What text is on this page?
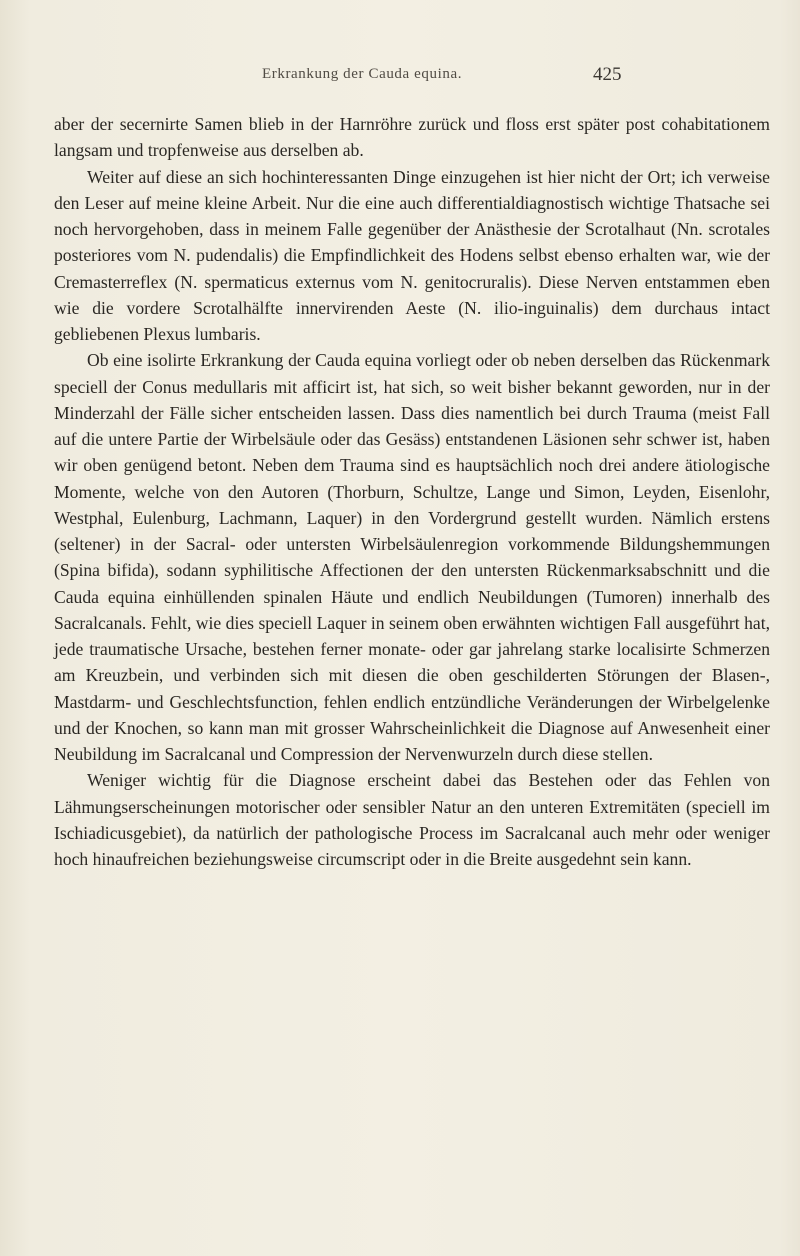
Erkrankung der Cauda equina.	425

aber der secernirte Samen blieb in der Harnröhre zurück und floss erst später post cohabitationem langsam und tropfenweise aus derselben ab.

Weiter auf diese an sich hochinteressanten Dinge einzugehen ist hier nicht der Ort; ich verweise den Leser auf meine kleine Arbeit. Nur die eine auch differentialdiagnostisch wichtige Thatsache sei noch hervorgehoben, dass in meinem Falle gegenüber der Anästhesie der Scrotalhaut (Nn. scrotales posteriores vom N. pudendalis) die Empfindlichkeit des Hodens selbst ebenso erhalten war, wie der Cremasterreflex (N. spermaticus externus vom N. genitocruralis). Diese Nerven entstammen eben wie die vordere Scrotalhälfte innervirenden Aeste (N. ilio-inguinalis) dem durchaus intact gebliebenen Plexus lumbaris.

Ob eine isolirte Erkrankung der Cauda equina vorliegt oder ob neben derselben das Rückenmark speciell der Conus medullaris mit afficirt ist, hat sich, so weit bisher bekannt geworden, nur in der Minderzahl der Fälle sicher entscheiden lassen. Dass dies namentlich bei durch Trauma (meist Fall auf die untere Partie der Wirbelsäule oder das Gesäss) entstandenen Läsionen sehr schwer ist, haben wir oben genügend betont. Neben dem Trauma sind es hauptsächlich noch drei andere ätiologische Momente, welche von den Autoren (Thorburn, Schultze, Lange und Simon, Leyden, Eisenlohr, Westphal, Eulenburg, Lachmann, Laquer) in den Vordergrund gestellt wurden. Nämlich erstens (seltener) in der Sacral- oder untersten Wirbelsäulenregion vorkommende Bildungshemmungen (Spina bifida), sodann syphilitische Affectionen der den untersten Rückenmarksabschnitt und die Cauda equina einhüllenden spinalen Häute und endlich Neubildungen (Tumoren) innerhalb des Sacralcanals. Fehlt, wie dies speciell Laquer in seinem oben erwähnten wichtigen Fall ausgeführt hat, jede traumatische Ursache, bestehen ferner monate- oder gar jahrelang starke localisirte Schmerzen am Kreuzbein, und verbinden sich mit diesen die oben geschilderten Störungen der Blasen-, Mastdarm- und Geschlechtsfunction, fehlen endlich entzündliche Veränderungen der Wirbelgelenke und der Knochen, so kann man mit grosser Wahrscheinlichkeit die Diagnose auf Anwesenheit einer Neubildung im Sacralcanal und Compression der Nervenwurzeln durch diese stellen.

Weniger wichtig für die Diagnose erscheint dabei das Bestehen oder das Fehlen von Lähmungserscheinungen motorischer oder sensibler Natur an den unteren Extremitäten (speciell im Ischiadicusgebiet), da natürlich der pathologische Process im Sacralcanal auch mehr oder weniger hoch hinaufreichen beziehungsweise circumscript oder in die Breite ausgedehnt sein kann.
